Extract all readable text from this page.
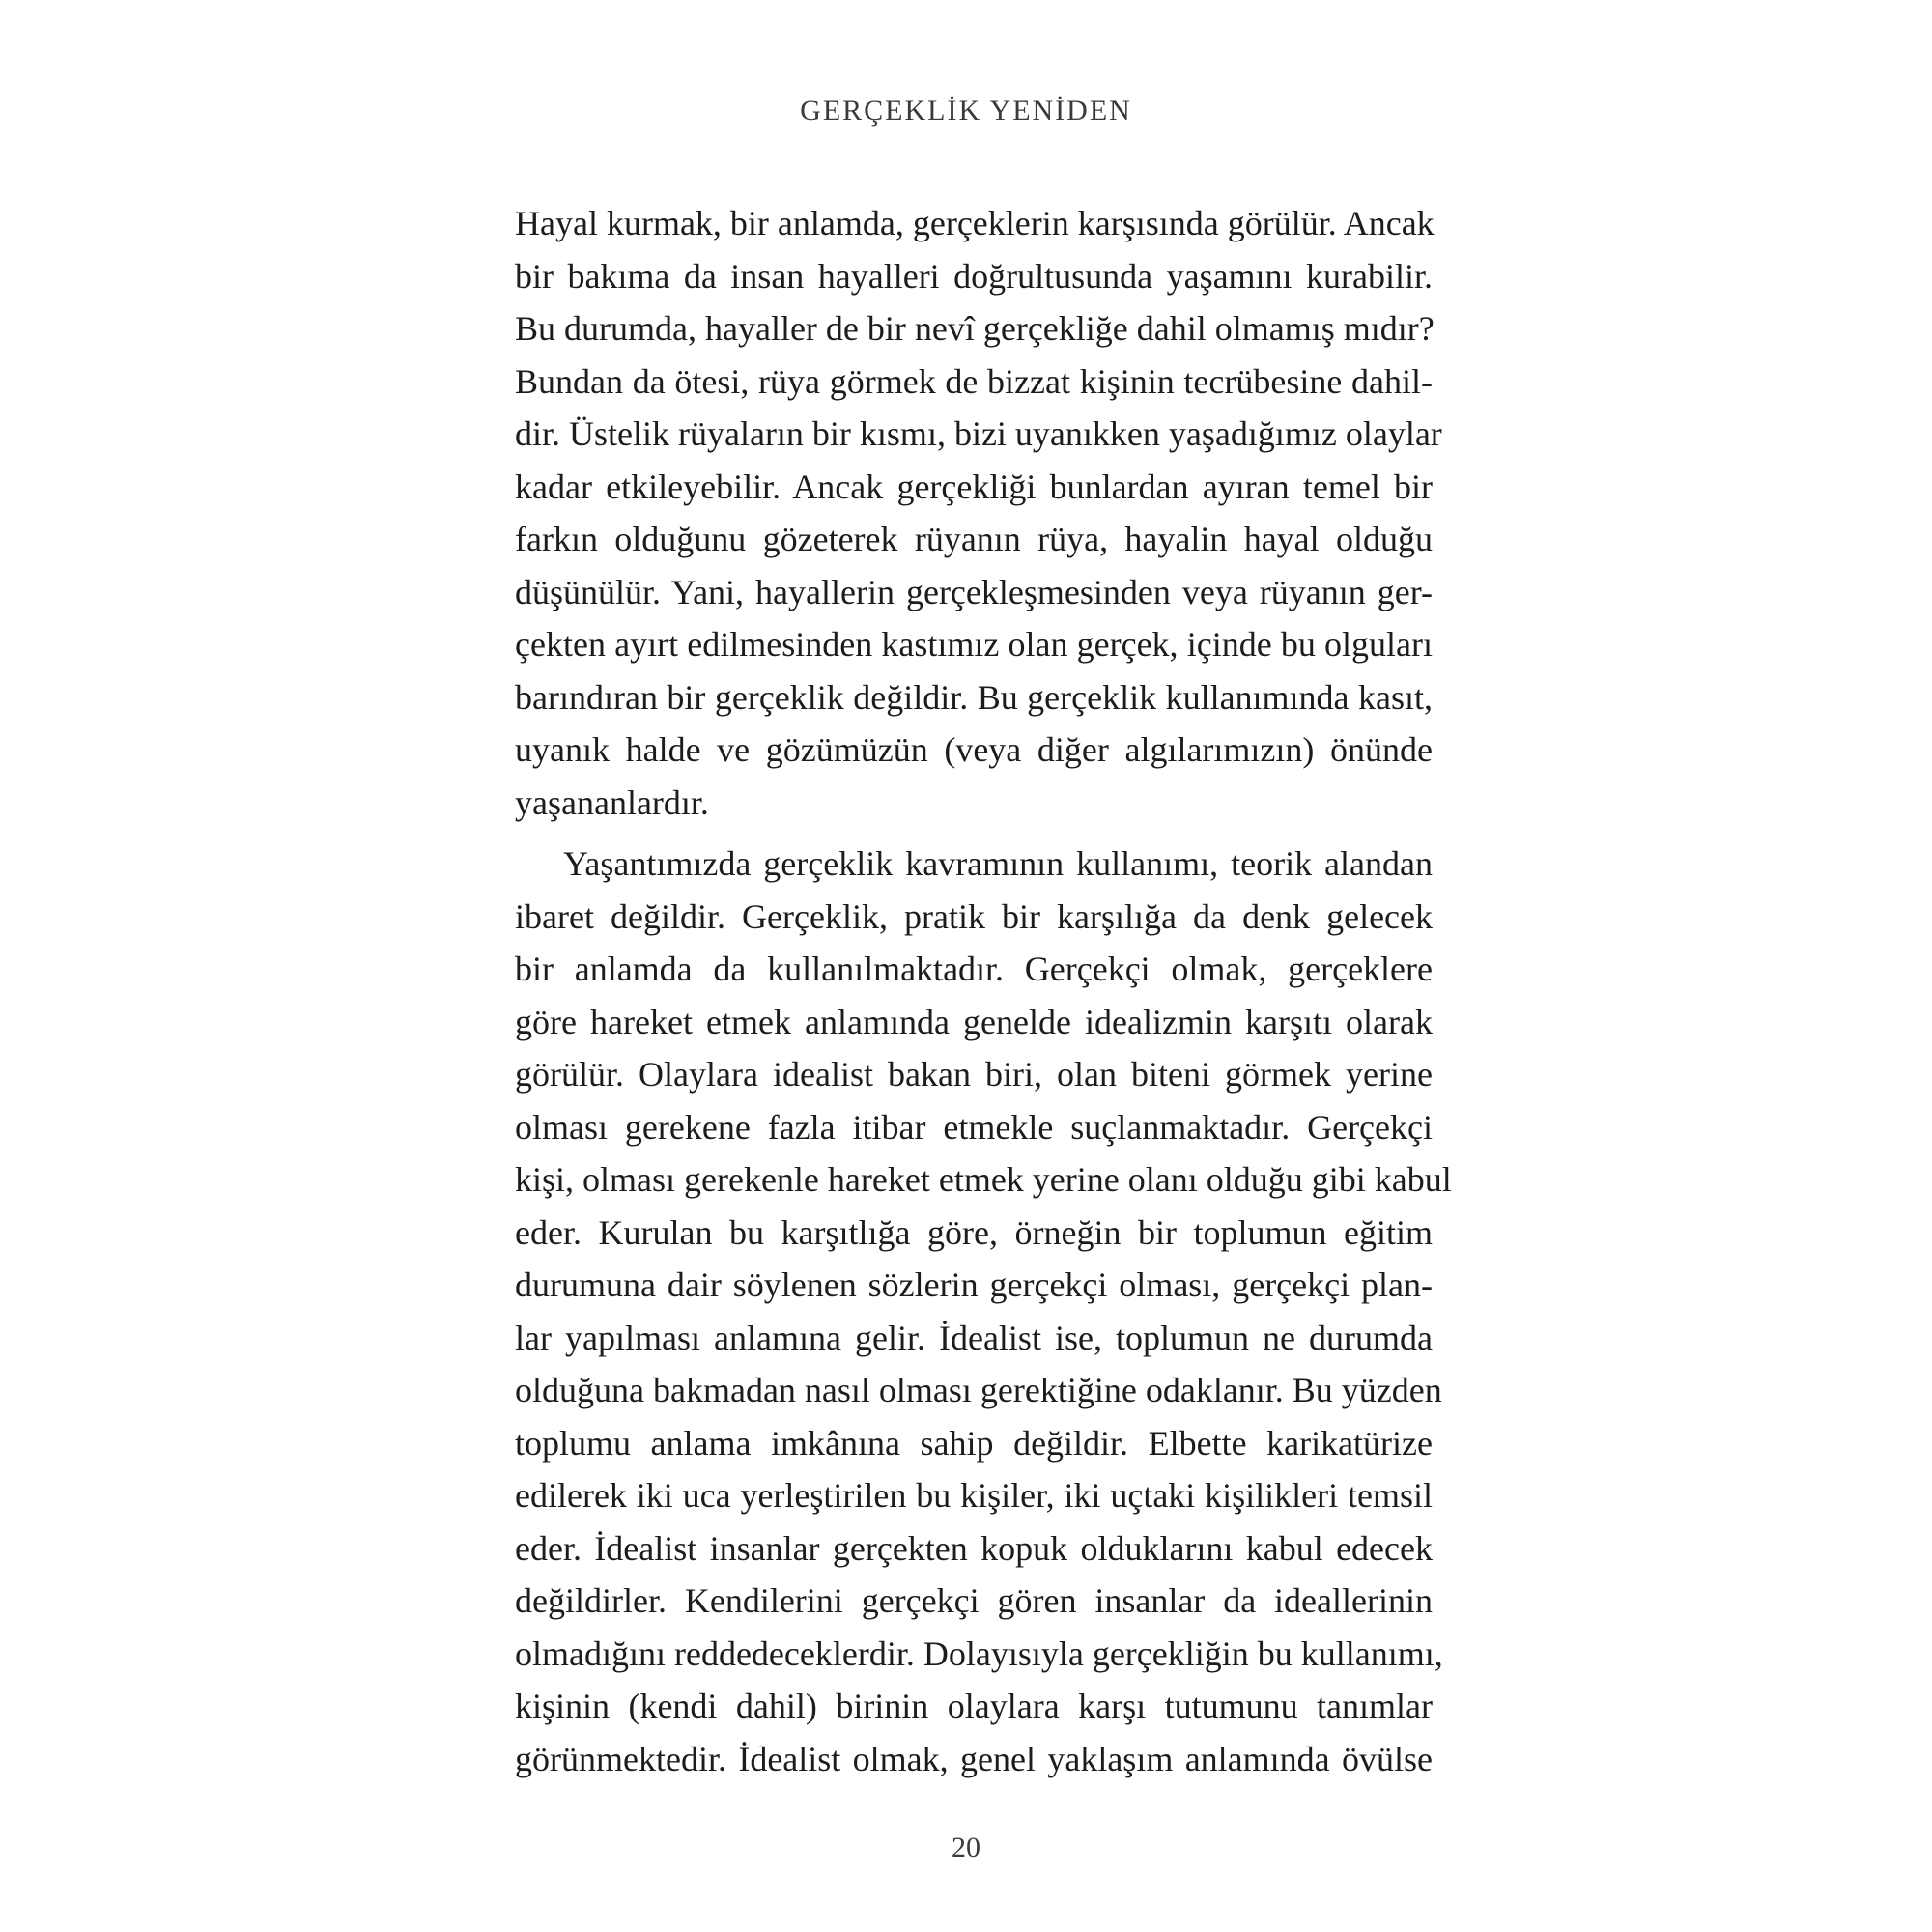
GERÇEKLİK YENİDEN
Hayal kurmak, bir anlamda, gerçeklerin karşısında görülür. Ancak
bir bakıma da insan hayalleri doğrultusunda yaşamını kurabilir.
Bu durumda, hayaller de bir nevî gerçekliğe dahil olmamış mıdır?
Bundan da ötesi, rüya görmek de bizzat kişinin tecrübesine dahil-
dir. Üstelik rüyaların bir kısmı, bizi uyanıkken yaşadığımız olaylar
kadar etkileyebilir. Ancak gerçekliği bunlardan ayıran temel bir
farkın olduğunu gözeterek rüyanın rüya, hayalin hayal olduğu
düşünülür. Yani, hayallerin gerçekleşmesinden veya rüyanın ger-
çekten ayırt edilmesinden kastımız olan gerçek, içinde bu olguları
barındıran bir gerçeklik değildir. Bu gerçeklik kullanımında kasıt,
uyanık halde ve gözümüzün (veya diğer algılarımızın) önünde
yaşananlardır.
Yaşantımızda gerçeklik kavramının kullanımı, teorik alandan
ibaret değildir. Gerçeklik, pratik bir karşılığa da denk gelecek
bir anlamda da kullanılmaktadır. Gerçekçi olmak, gerçeklere
göre hareket etmek anlamında genelde idealizmin karşıtı olarak
görülür. Olaylara idealist bakan biri, olan biteni görmek yerine
olması gerekene fazla itibar etmekle suçlanmaktadır. Gerçekçi
kişi, olması gerekenle hareket etmek yerine olanı olduğu gibi kabul
eder. Kurulan bu karşıtlığa göre, örneğin bir toplumun eğitim
durumuna dair söylenen sözlerin gerçekçi olması, gerçekçi plan-
lar yapılması anlamına gelir. İdealist ise, toplumun ne durumda
olduğuna bakmadan nasıl olması gerektiğine odaklanır. Bu yüzden
toplumu anlama imkânına sahip değildir. Elbette karikatürize
edilerek iki uca yerleştirilen bu kişiler, iki uçtaki kişilikleri temsil
eder. İdealist insanlar gerçekten kopuk olduklarını kabul edecek
değildirler. Kendilerini gerçekçi gören insanlar da ideallerinin
olmadığını reddedeceklerdir. Dolayısıyla gerçekliğin bu kullanımı,
kişinin (kendi dahil) birinin olaylara karşı tutumunu tanımlar
görünmektedir. İdealist olmak, genel yaklaşım anlamında övülse
20
